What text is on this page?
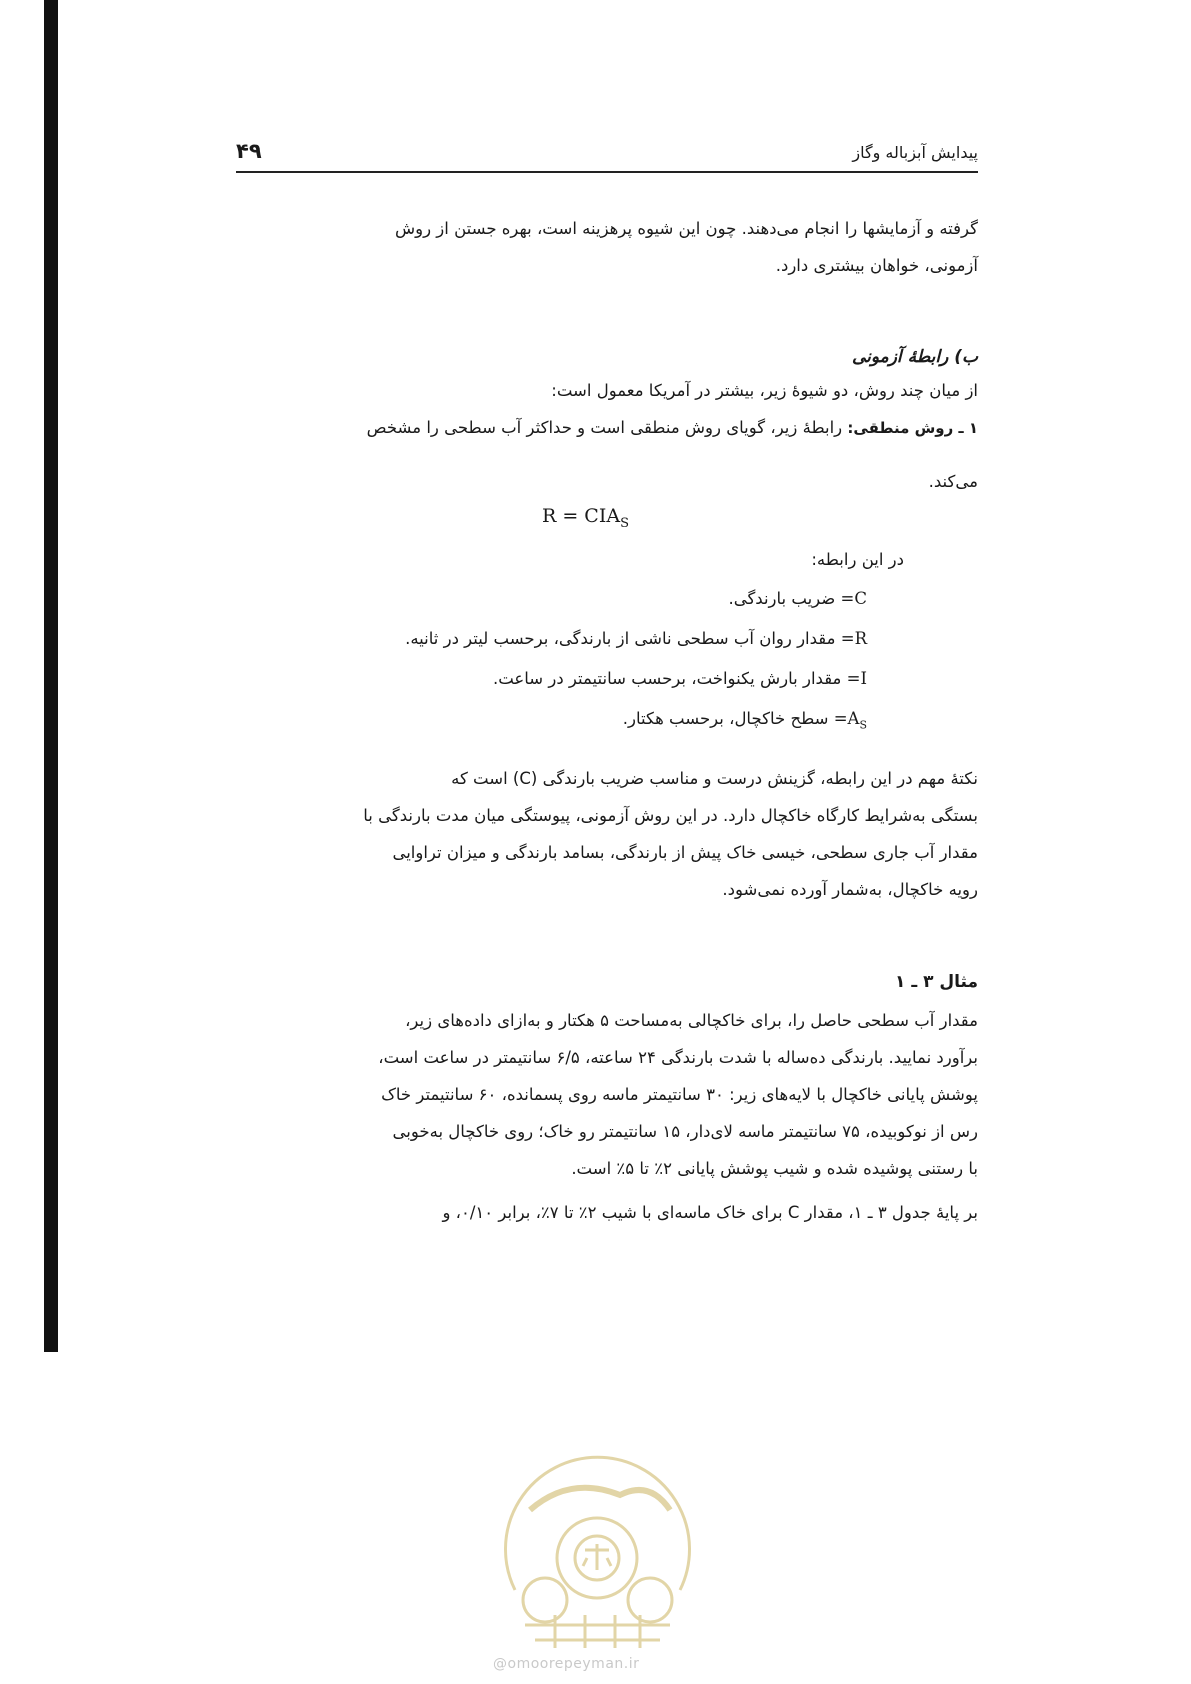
۴۹	پیدایش آبزباله وگاز

گرفته و آزمایشها را انجام می‌دهند. چون این شیوه پرهزینه است، بهره جستن از روش

آزمونی، خواهان بیشتری دارد.

ب) رابطهٔ آزمونی

از میان چند روش، دو شیوهٔ زیر، بیشتر در آمریکا معمول است:

۱ ـ روش منطقی: رابطهٔ زیر، گویای روش منطقی است و حداکثر آب سطحی را مشخص

می‌کند.

$R = CIA_S$

در این رابطه:

C= ضریب بارندگی.

R= مقدار روان آب سطحی ناشی از بارندگی، برحسب لیتر در ثانیه.

I= مقدار بارش یکنواخت، برحسب سانتیمتر در ساعت.

$A_S=$ سطح خاکچال، برحسب هکتار.

نکتهٔ مهم در این رابطه، گزینش درست و مناسب ضریب بارندگی (C) است که

بستگی به‌شرایط کارگاه خاکچال دارد. در این روش آزمونی، پیوستگی میان مدت بارندگی با

مقدار آب جاری سطحی، خیسی خاک پیش از بارندگی، بسامد بارندگی و میزان تراوایی

رویه خاکچال، به‌شمار آورده نمی‌شود.

مثال ۳ ـ ۱

مقدار آب سطحی حاصل را، برای خاکچالی به‌مساحت ۵ هکتار و به‌ازای داده‌های زیر،

برآورد نمایید. بارندگی ده‌ساله با شدت بارندگی ۲۴ ساعته، ۶/۵ سانتیمتر در ساعت است،

پوشش پایانی خاکچال با لایه‌های زیر: ۳۰ سانتیمتر ماسه روی پسمانده، ۶۰ سانتیمتر خاک

رس از نوکوبیده، ۷۵ سانتیمتر ماسه لای‌دار، ۱۵ سانتیمتر رو خاک؛ روی خاکچال به‌خوبی

با رستنی پوشیده شده و شیب پوشش پایانی ۲٪ تا ۵٪ است.

بر پایهٔ جدول ۳ ـ ۱، مقدار C برای خاک ماسه‌ای با شیب ۲٪ تا ۷٪، برابر ۰/۱۰، و

@omoorepeyman.ir
